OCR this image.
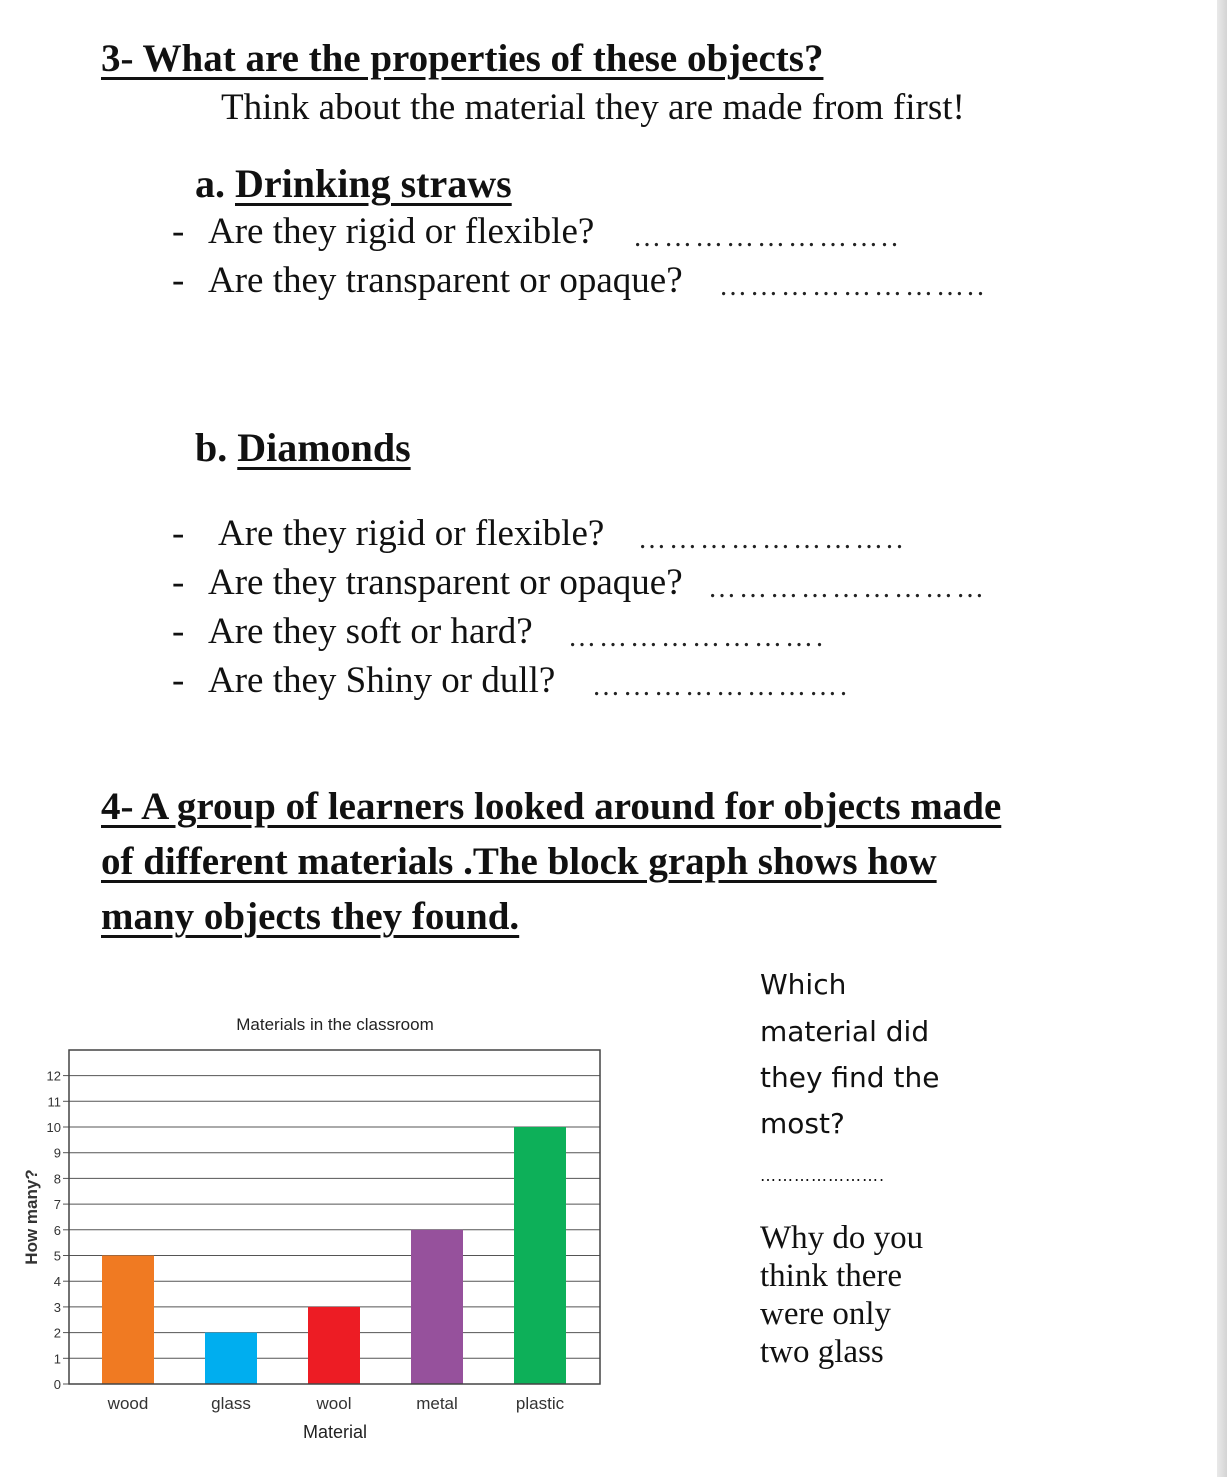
3- What are the properties of these objects?
Think about the material they are made from first!
a. Drinking straws
- Are they rigid or flexible? ……………………..
- Are they transparent or opaque? ……………………..
b. Diamonds
- Are they rigid or flexible? ……………………..
- Are they transparent or opaque? ………………………
- Are they soft or hard? …………………….
- Are they Shiny or dull? …………………….
4- A group of learners looked around for objects made
of different materials .The block graph shows how
many objects they found.
Which
material did
they find the
most?
………………….
Why do you
think there
were only
two glass
Materials in the classroom
0
1
2
3
4
5
6
7
8
9
10
11
12
wood	glass	wool	metal	plastic
Material
How many?
